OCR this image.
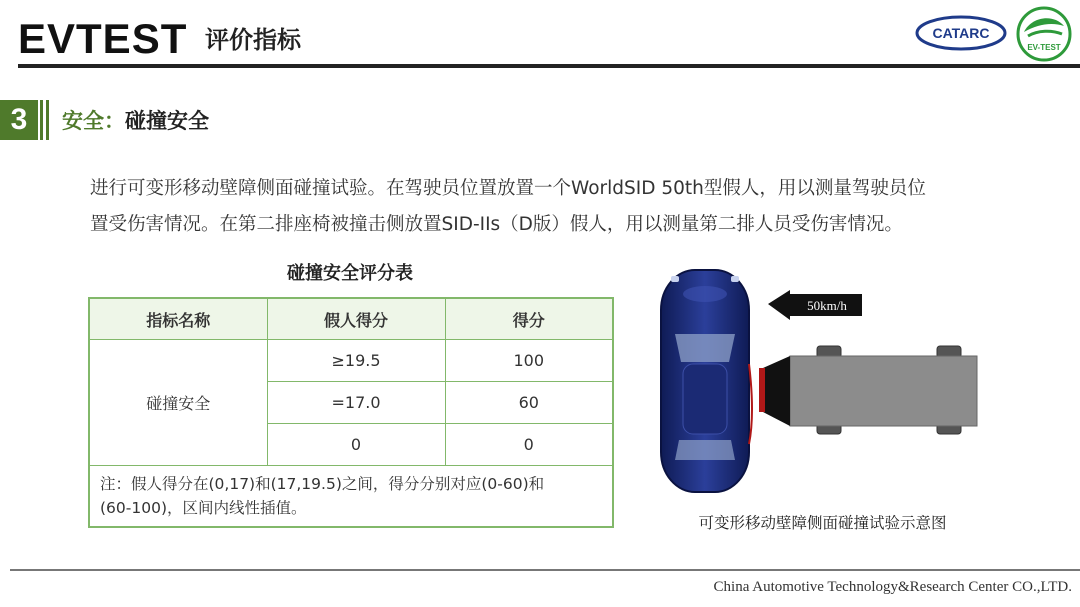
EVTEST 评价指标	CATARC
EV-TEST
3	安全：碰撞安全
进行可变形移动壁障侧面碰撞试验。在驾驶员位置放置一个WorldSID 50th型假人，用以测量驾驶员位
置受伤害情况。在第二排座椅被撞击侧放置SID-IIs（D版）假人，用以测量第二排人员受伤害情况。
碰撞安全评分表
指标名称	假人得分	得分
碰撞安全	≥19.5	100
	=17.0	60
	0	0

注：假人得分在(0,17)和(17,19.5)之间，得分分别对应(0-60)和
(60-100)，区间内线性插值。		
50km/h
可变形移动壁障侧面碰撞试验示意图
China Automotive Technology&Research Center CO.,LTD.
